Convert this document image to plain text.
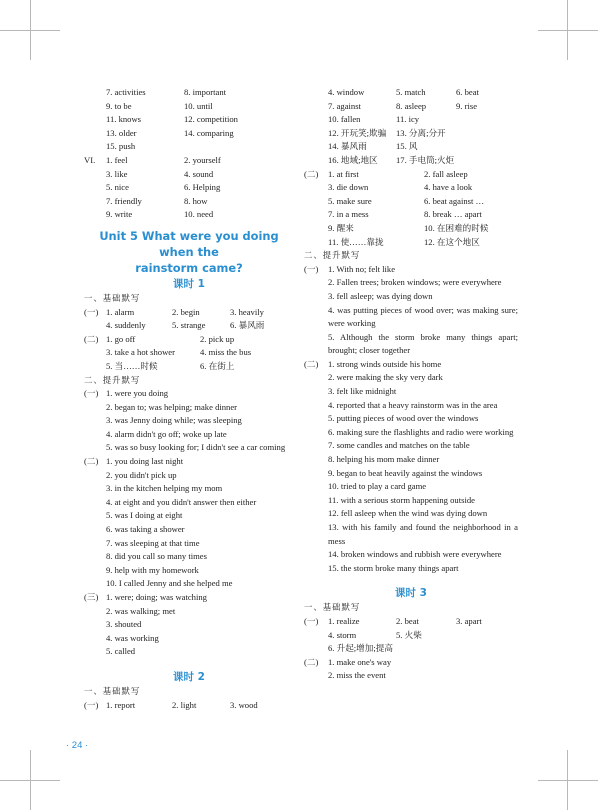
7. activities	8. important
9. to be	10. until
11. knows	12. competition
13. older	14. comparing
15. push
VI. 1. feel	2. yourself
3. like	4. sound
5. nice	6. Helping
7. friendly	8. how
9. write	10. need
Unit 5 What were you doing when the
rainstorm came?
课时 1
一、基础默写
(一) 1. alarm	2. begin	3. heavily
4. suddenly	5. strange	6. 暴风雨
(二) 1. go off	2. pick up
3. take a hot shower	4. miss the bus
5. 当……时候	6. 在街上
二、提升默写
(一) 1. were you doing
2. began to; was helping; make dinner
3. was Jenny doing while; was sleeping
4. alarm didn't go off; woke up late
5. was so busy looking for; I didn't see a car coming
(二) 1. you doing last night
2. you didn't pick up
3. in the kitchen helping my mom
4. at eight and you didn't answer then either
5. was I doing at eight
6. was taking a shower
7. was sleeping at that time
8. did you call so many times
9. help with my homework
10. I called Jenny and she helped me
(三) 1. were; doing; was watching
2. was walking; met
3. shouted
4. was working
5. called
课时 2
一、基础默写
(一) 1. report	2. light	3. wood
4. window	5. match	6. beat
7. against	8. asleep	9. rise
10. fallen	11. icy
12. 开玩笑;欺骗 13. 分离;分开
14. 暴风雨	15. 风
16. 地域;地区 17. 手电筒;火炬
(二) 1. at first	2. fall asleep
3. die down	4. have a look
5. make sure	6. beat against …
7. in a mess	8. break … apart
9. 醒来	10. 在困难的时候
11. 使……靠拢	12. 在这个地区
二、提升默写
(一) 1. With no; felt like
2. Fallen trees; broken windows; were everywhere
3. fell asleep; was dying down
4. was putting pieces of wood over; was making sure; were working
5. Although the storm broke many things apart; brought; closer together
(二) 1. strong winds outside his home
2. were making the sky very dark
3. felt like midnight
4. reported that a heavy rainstorm was in the area
5. putting pieces of wood over the windows
6. making sure the flashlights and radio were working
7. some candles and matches on the table
8. helping his mom make dinner
9. began to beat heavily against the windows
10. tried to play a card game
11. with a serious storm happening outside
12. fell asleep when the wind was dying down
13. with his family and found the neighborhood in a mess
14. broken windows and rubbish were everywhere
15. the storm broke many things apart
课时 3
一、基础默写
(一) 1. realize	2. beat	3. apart
4. storm	5. 火柴
6. 升起;增加;提高
(二) 1. make one's way
2. miss the event
· 24 ·
